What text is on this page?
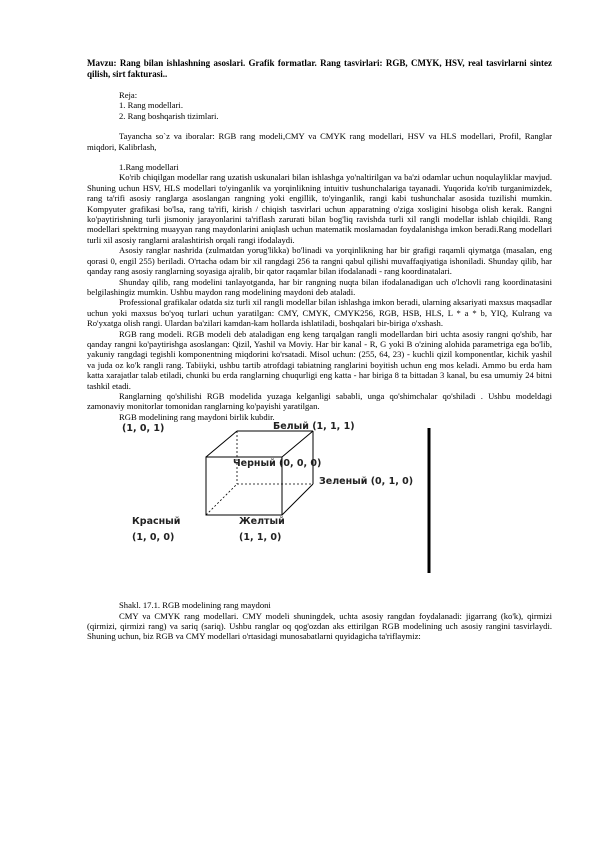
Mavzu: Rang bilan ishlashning asoslari. Grafik formatlar. Rang tasvirlari: RGB, CMYK, HSV, real tasvirlarni sintez qilish, sirt fakturasi..

Reja:

1. Rang modellari.

2. Rang boshqarish tizimlari.

Tayancha so`z va iboralar: RGB rang modeli,CMY va CMYK rang modellari, HSV va HLS modellari, Profil, Ranglar miqdori, Kalibrlash,

1.Rang modellari

Ko'rib chiqilgan modellar rang uzatish uskunalari bilan ishlashga yo'naltirilgan va ba'zi odamlar uchun noqulayliklar mavjud. Shuning uchun HSV, HLS modellari to'yinganlik va yorqinlikning intuitiv tushunchalariga tayanadi. Yuqorida ko'rib turganimizdek, rang ta'rifi asosiy ranglarga asoslangan rangning yoki engillik, to'yinganlik, rangi kabi tushunchalar asosida tuzilishi mumkin. Kompyuter grafikasi bo'lsa, rang ta'rifi, kirish / chiqish tasvirlari uchun apparatning o'ziga xosligini hisobga olish kerak. Rangni ko'paytirishning turli jismoniy jarayonlarini ta'riflash zarurati bilan bog'liq ravishda turli xil rangli modellar ishlab chiqildi. Rang modellari spektrning muayyan rang maydonlarini aniqlash uchun matematik moslamadan foydalanishga imkon beradi.Rang modellari turli xil asosiy ranglarni aralashtirish orqali rangi ifodalaydi.

Asosiy ranglar nashrida (zulmatdan yorug'likka) bo'linadi va yorqinlikning har bir grafigi raqamli qiymatga (masalan, eng qorasi 0, engil 255) beriladi. O'rtacha odam bir xil rangdagi 256 ta rangni qabul qilishi muvaffaqiyatiga ishoniladi. Shunday qilib, har qanday rang asosiy ranglarning soyasiga ajralib, bir qator raqamlar bilan ifodalanadi - rang koordinatalari.

Shunday qilib, rang modelini tanlayotganda, har bir rangning nuqta bilan ifodalanadigan uch o'lchovli rang koordinatasini belgilashingiz mumkin. Ushbu maydon rang modelining maydoni deb ataladi.

Professional grafikalar odatda siz turli xil rangli modellar bilan ishlashga imkon beradi, ularning aksariyati maxsus maqsadlar uchun yoki maxsus bo'yoq turlari uchun yaratilgan: CMY, CMYK, CMYK256, RGB, HSB, HLS, L * a * b, YIQ, Kulrang va Ro'yxatga olish rangi. Ulardan ba'zilari kamdan-kam hollarda ishlatiladi, boshqalari bir-biriga o'xshash.

RGB rang modeli. RGB modeli deb ataladigan eng keng tarqalgan rangli modellardan biri uchta asosiy rangni qo'shib, har qanday rangni ko'paytirishga asoslangan: Qizil, Yashil va Moviy. Har bir kanal - R, G yoki B o'zining alohida parametriga ega bo'lib, yakuniy rangdagi tegishli komponentning miqdorini ko'rsatadi. Misol uchun: (255, 64, 23) - kuchli qizil komponentlar, kichik yashil va juda oz ko'k rangli rang. Tabiiyki, ushbu tartib atrofdagi tabiatning ranglarini boyitish uchun eng mos keladi. Ammo bu erda ham katta xarajatlar talab etiladi, chunki bu erda ranglarning chuqurligi eng katta - har biriga 8 ta bittadan 3 kanal, bu esa umumiy 24 bitni tashkil etadi.

Ranglarning qo'shilishi RGB modelida yuzaga kelganligi sababli, unga qo'shimchalar qo'shiladi . Ushbu modeldagi zamonaviy monitorlar tomonidan ranglarning ko'payishi yaratilgan.

RGB modelining rang maydoni birlik kubdir.

(1, 0, 1)	Белый (1, 1, 1)
Черный (0, 0, 0)
Зеленый (0, 1, 0)
Красный
(1, 0, 0)
Желтый
(1, 1, 0)

Shakl. 17.1. RGB modelining rang maydoni

CMY va CMYK rang modellari. CMY modeli shuningdek, uchta asosiy rangdan foydalanadi: jigarrang (ko'k), qirmizi (qirmizi, qirmizi rang) va sariq (sariq). Ushbu ranglar oq qog'ozdan aks ettirilgan RGB modelining uch asosiy rangini tasvirlaydi. Shuning uchun, biz RGB va CMY modellari o'rtasidagi munosabatlarni quyidagicha ta'riflaymiz:
